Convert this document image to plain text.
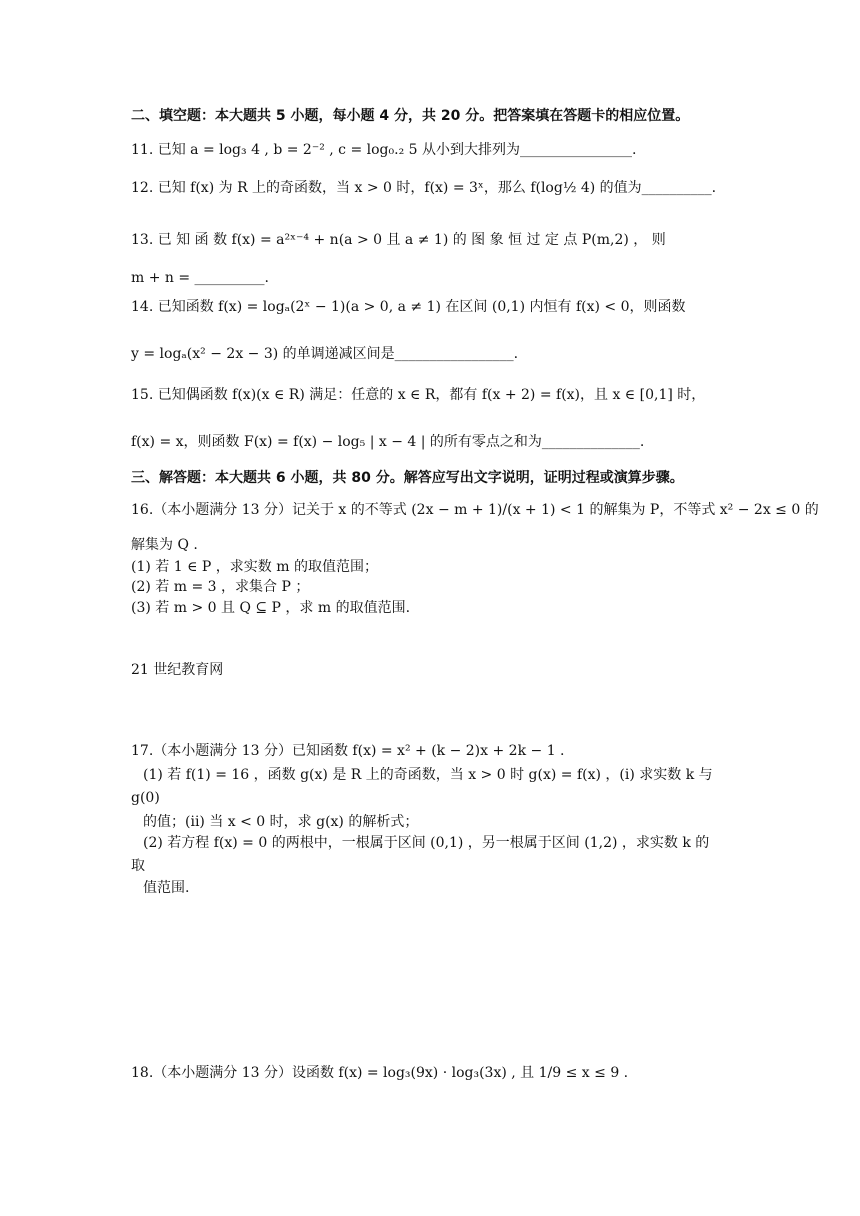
二、填空题：本大题共 5 小题，每小题 4 分，共 20 分。把答案填在答题卡的相应位置。
11. 已知 a = log₃ 4 , b = 2⁻² , c = log₀.₂ 5 从小到大排列为________________.
12. 已知 f(x) 为 R 上的奇函数，当 x > 0 时，f(x) = 3ˣ，那么 f(log½ 4) 的值为__________.
13. 已 知 函 数 f(x) = a²ˣ⁻⁴ + n(a > 0 且 a ≠ 1) 的 图 象 恒 过 定 点 P(m,2) ， 则
m + n = __________.
14. 已知函数 f(x) = logₐ(2ˣ − 1)(a > 0, a ≠ 1) 在区间 (0,1) 内恒有 f(x) < 0，则函数
y = logₐ(x² − 2x − 3) 的单调递减区间是_________________.
15. 已知偶函数 f(x)(x ∈ R) 满足：任意的 x ∈ R，都有 f(x + 2) = f(x)，且 x ∈ [0,1] 时，
f(x) = x，则函数 F(x) = f(x) − log₅ | x − 4 | 的所有零点之和为______________.
三、解答题：本大题共 6 小题，共 80 分。解答应写出文字说明，证明过程或演算步骤。
16.（本小题满分 13 分）记关于 x 的不等式 (2x − m + 1)/(x + 1) < 1 的解集为 P，不等式 x² − 2x ≤ 0 的
解集为 Q .
(1) 若 1 ∈ P ，求实数 m 的取值范围；
(2) 若 m = 3 ，求集合 P ；
(3) 若 m > 0 且 Q ⊆ P ，求 m 的取值范围.
21 世纪教育网
17.（本小题满分 13 分）已知函数 f(x) = x² + (k − 2)x + 2k − 1 .
(1) 若 f(1) = 16 ，函数 g(x) 是 R 上的奇函数，当 x > 0 时 g(x) = f(x) ，(i) 求实数 k 与
g(0)
的值；(ii) 当 x < 0 时，求 g(x) 的解析式；
(2) 若方程 f(x) = 0 的两根中，一根属于区间 (0,1) ，另一根属于区间 (1,2) ，求实数 k 的
取
值范围.
18.（本小题满分 13 分）设函数 f(x) = log₃(9x) · log₃(3x) , 且 1/9 ≤ x ≤ 9 .
